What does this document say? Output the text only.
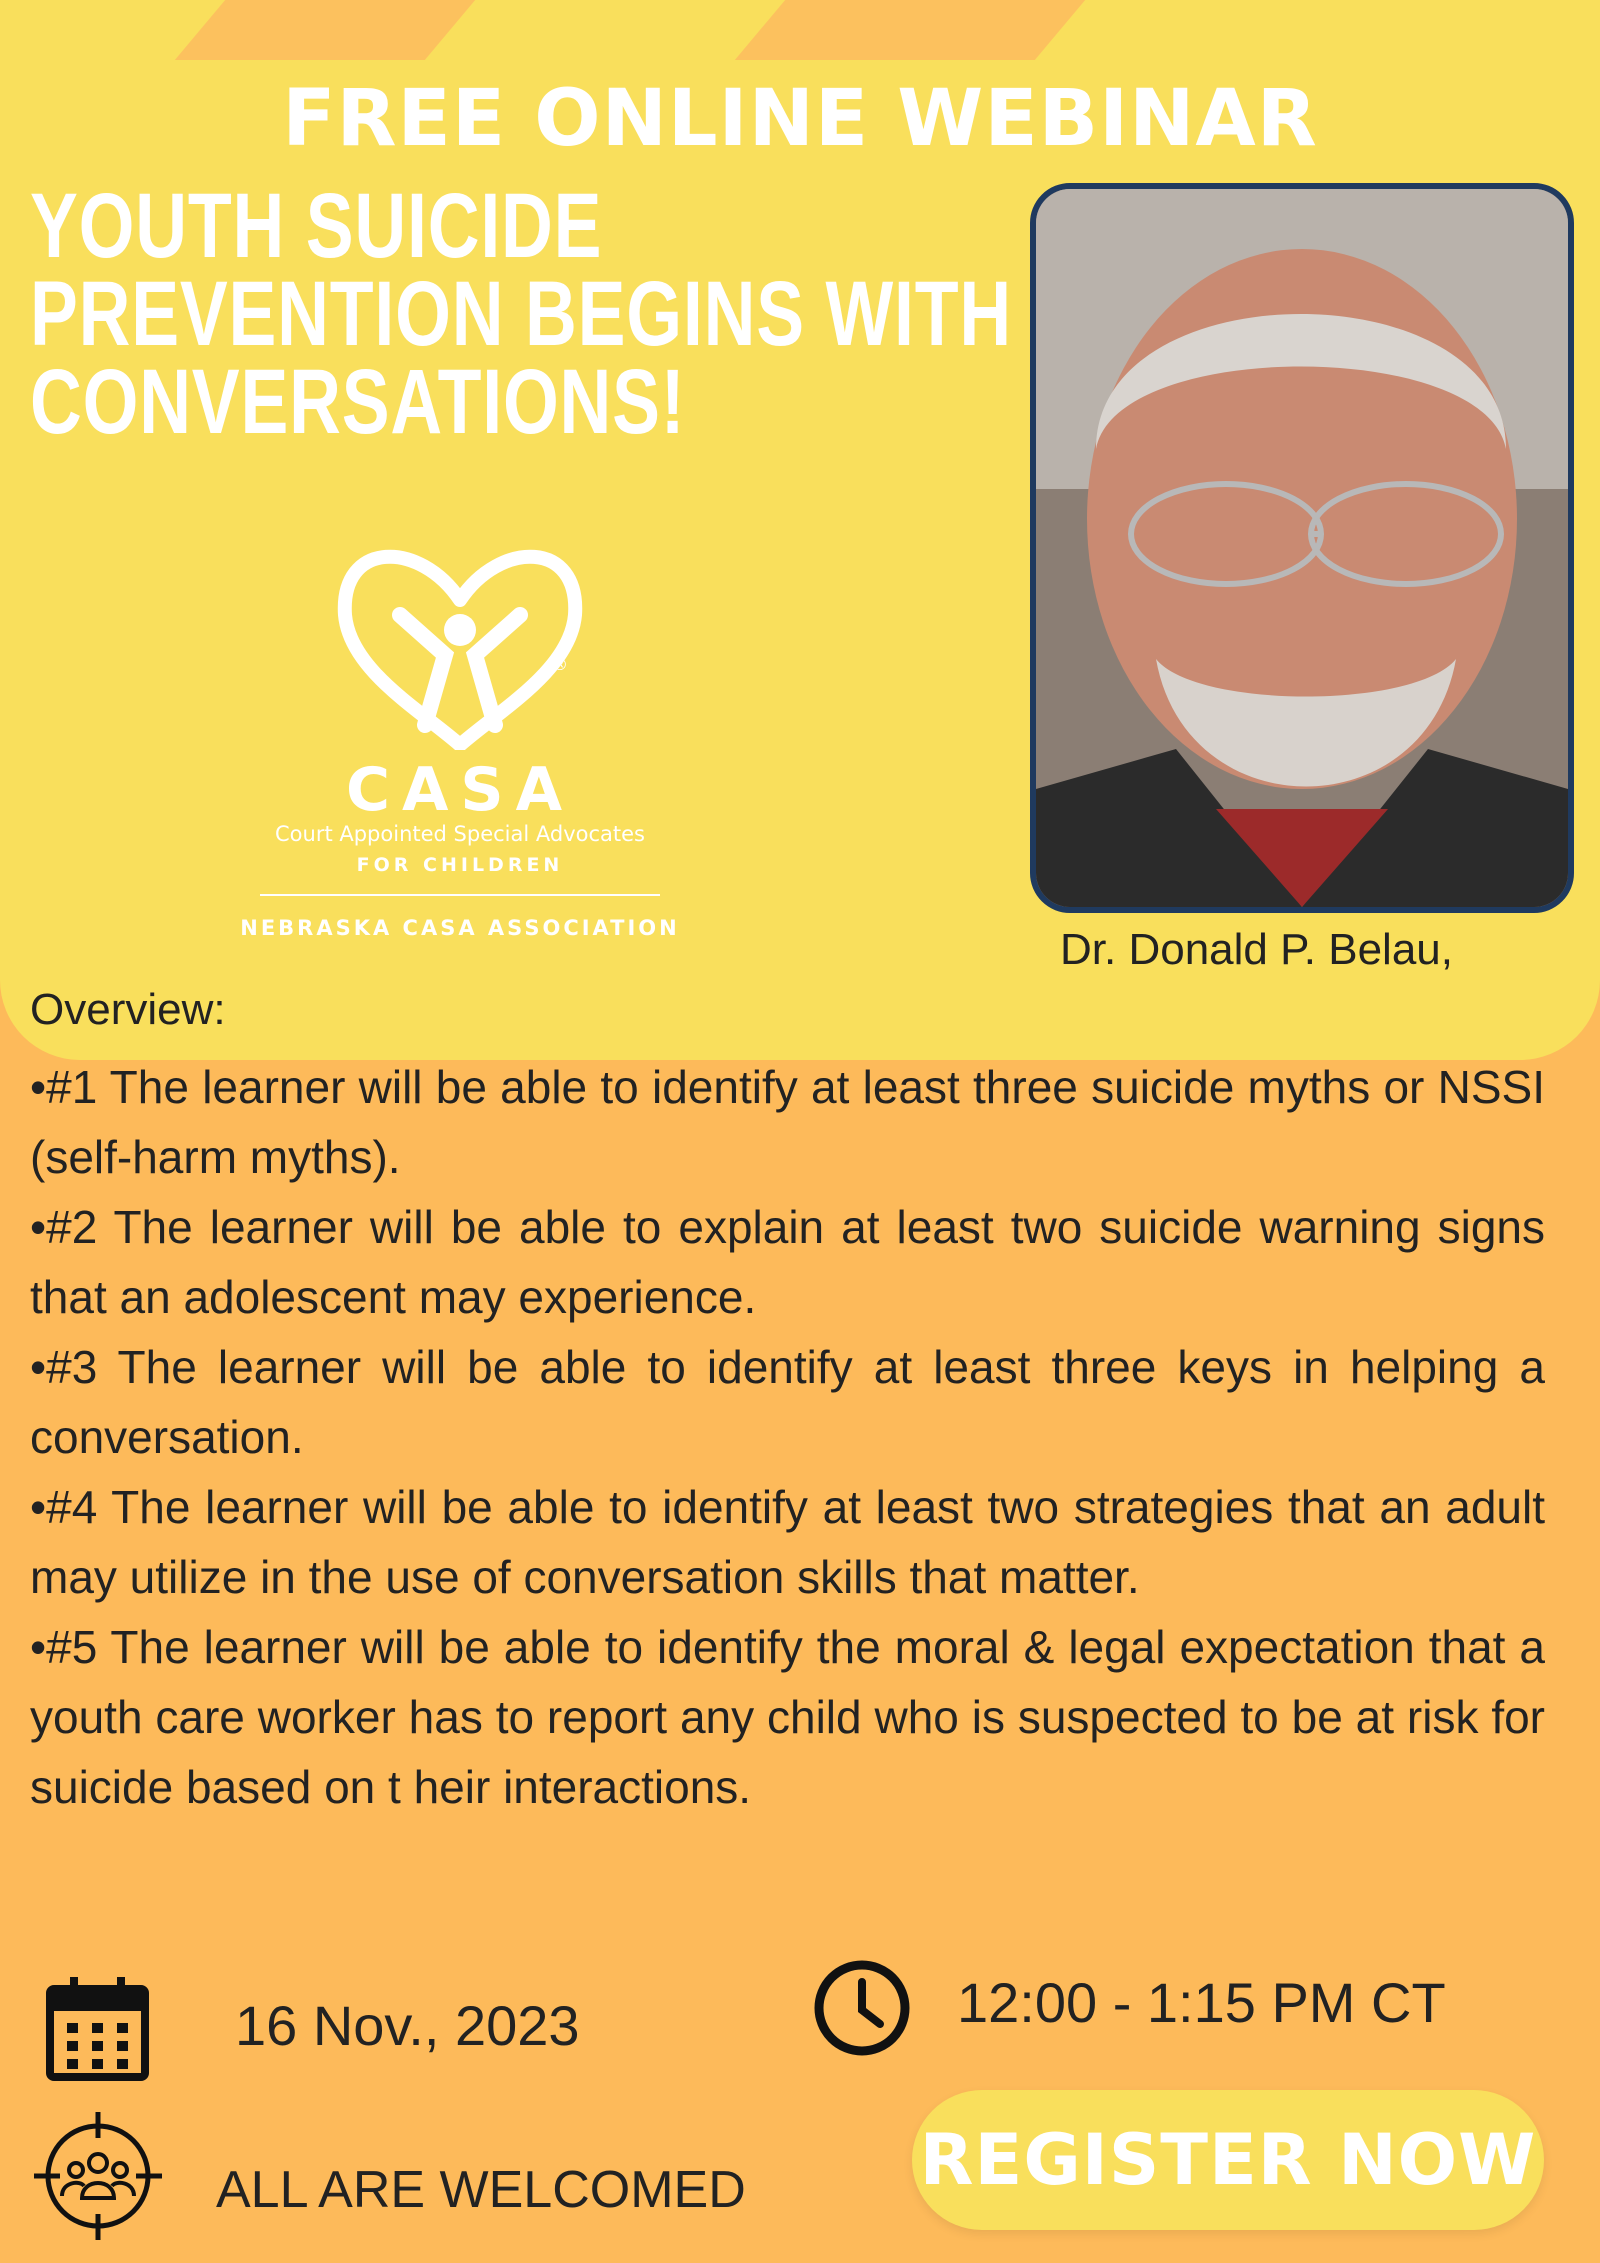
FREE ONLINE WEBINAR
YOUTH SUICIDE
PREVENTION BEGINS WITH
CONVERSATIONS!
®
CASA
Court Appointed Special Advocates
FOR CHILDREN
NEBRASKA CASA ASSOCIATION	Dr. Donald P. Belau,
Overview:

•#1 The learner will be able to identify at least three suicide myths or NSSI (self-harm myths).

•#2 The learner will be able to explain at least two suicide warning signs that an adolescent may experience.

•#3 The learner will be able to identify at least three keys in helping a conversation.

•#4 The learner will be able to identify at least two strategies that an adult may utilize in the use of conversation skills that matter.

•#5 The learner will be able to identify the moral & legal expectation that a youth care worker has to report any child who is suspected to be at risk for suicide based on t heir interactions.

16 Nov., 2023	12:00 - 1:15 PM CT
ALL ARE WELCOMED REGISTER NOW
